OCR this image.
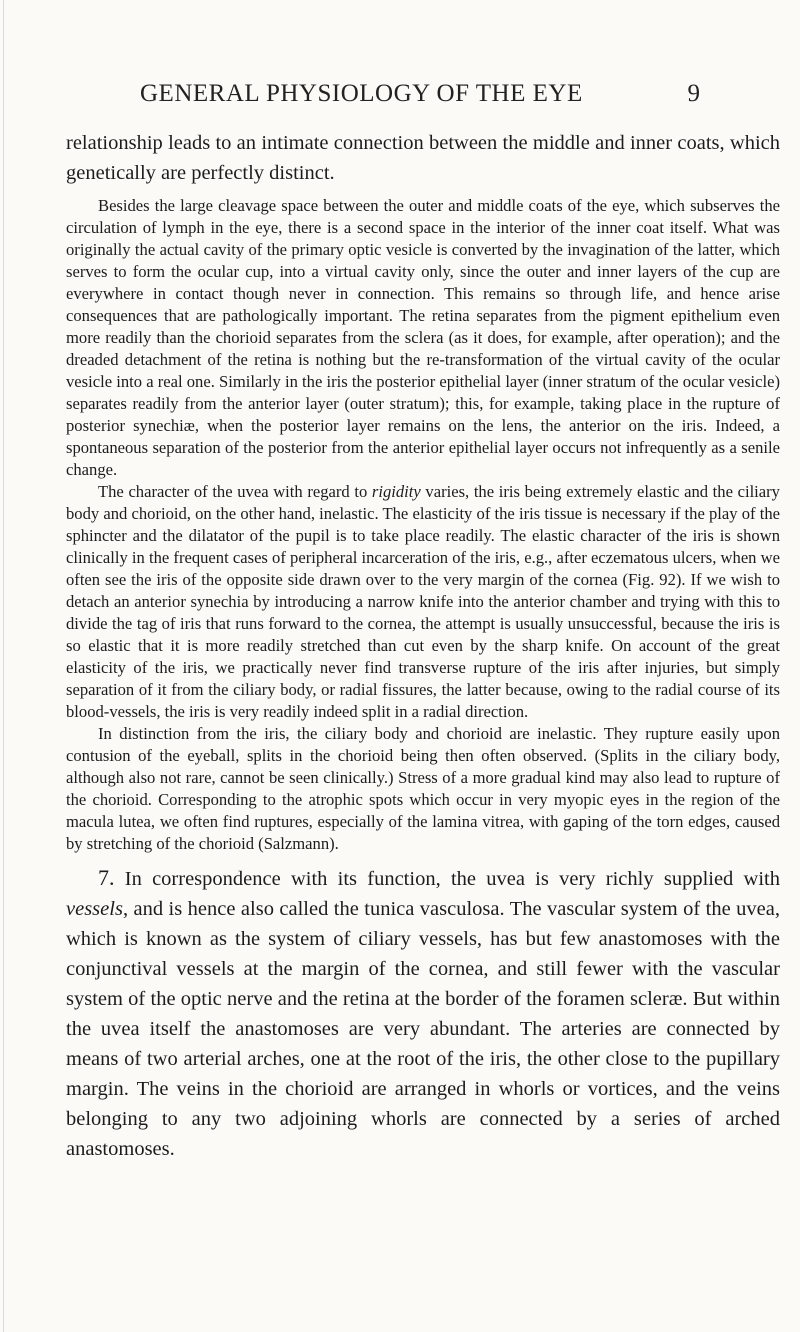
GENERAL PHYSIOLOGY OF THE EYE	9

relationship leads to an intimate connection between the middle and inner coats, which genetically are perfectly distinct.

Besides the large cleavage space between the outer and middle coats of the eye, which subserves the circulation of lymph in the eye, there is a second space in the interior of the inner coat itself. What was originally the actual cavity of the primary optic vesicle is converted by the invagination of the latter, which serves to form the ocular cup, into a virtual cavity only, since the outer and inner layers of the cup are everywhere in contact though never in connection. This remains so through life, and hence arise consequences that are pathologically important. The retina separates from the pigment epithelium even more readily than the chorioid separates from the sclera (as it does, for example, after operation); and the dreaded detachment of the retina is nothing but the re-transformation of the virtual cavity of the ocular vesicle into a real one. Similarly in the iris the posterior epithelial layer (inner stratum of the ocular vesicle) separates readily from the anterior layer (outer stratum); this, for example, taking place in the rupture of posterior synechiæ, when the posterior layer remains on the lens, the anterior on the iris. Indeed, a spontaneous separation of the posterior from the anterior epithelial layer occurs not infrequently as a senile change.

The character of the uvea with regard to rigidity varies, the iris being extremely elastic and the ciliary body and chorioid, on the other hand, inelastic. The elasticity of the iris tissue is necessary if the play of the sphincter and the dilatator of the pupil is to take place readily. The elastic character of the iris is shown clinically in the frequent cases of peripheral incarceration of the iris, e.g., after eczematous ulcers, when we often see the iris of the opposite side drawn over to the very margin of the cornea (Fig. 92). If we wish to detach an anterior synechia by introducing a narrow knife into the anterior chamber and trying with this to divide the tag of iris that runs forward to the cornea, the attempt is usually unsuccessful, because the iris is so elastic that it is more readily stretched than cut even by the sharp knife. On account of the great elasticity of the iris, we practically never find transverse rupture of the iris after injuries, but simply separation of it from the ciliary body, or radial fissures, the latter because, owing to the radial course of its blood-vessels, the iris is very readily indeed split in a radial direction.

In distinction from the iris, the ciliary body and chorioid are inelastic. They rupture easily upon contusion of the eyeball, splits in the chorioid being then often observed. (Splits in the ciliary body, although also not rare, cannot be seen clinically.) Stress of a more gradual kind may also lead to rupture of the chorioid. Corresponding to the atrophic spots which occur in very myopic eyes in the region of the macula lutea, we often find ruptures, especially of the lamina vitrea, with gaping of the torn edges, caused by stretching of the chorioid (Salzmann).

7. In correspondence with its function, the uvea is very richly supplied with vessels, and is hence also called the tunica vasculosa. The vascular system of the uvea, which is known as the system of ciliary vessels, has but few anastomoses with the conjunctival vessels at the margin of the cornea, and still fewer with the vascular system of the optic nerve and the retina at the border of the foramen scleræ. But within the uvea itself the anastomoses are very abundant. The arteries are connected by means of two arterial arches, one at the root of the iris, the other close to the pupillary margin. The veins in the chorioid are arranged in whorls or vortices, and the veins belonging to any two adjoining whorls are connected by a series of arched anastomoses.
